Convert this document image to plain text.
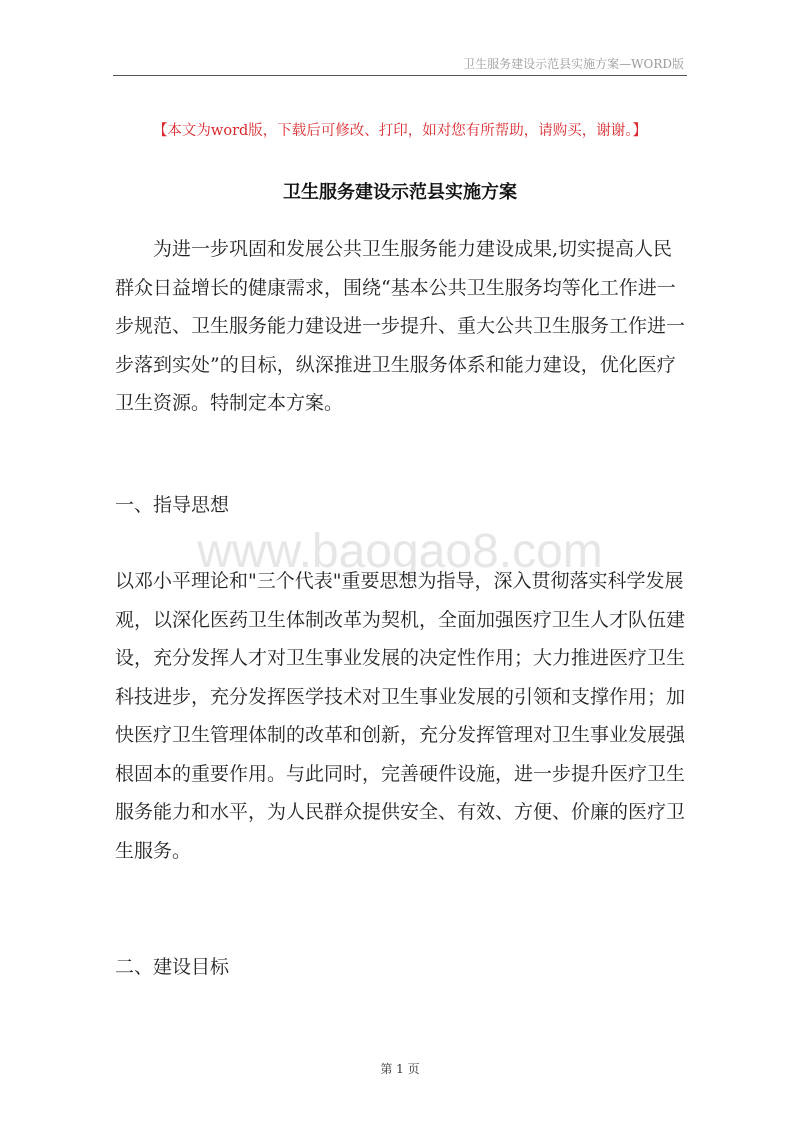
卫生服务建设示范县实施方案—WORD版
【本文为word版，下载后可修改、打印，如对您有所帮助，请购买，谢谢。】
卫生服务建设示范县实施方案
　　为进一步巩固和发展公共卫生服务能力建设成果,切实提高人民
群众日益增长的健康需求，围绕“基本公共卫生服务均等化工作进一
步规范、卫生服务能力建设进一步提升、重大公共卫生服务工作进一
步落到实处”的目标，纵深推进卫生服务体系和能力建设，优化医疗
卫生资源。特制定本方案。
一、指导思想
www.baogao8.com
以邓小平理论和"三个代表"重要思想为指导，深入贯彻落实科学发展
观，以深化医药卫生体制改革为契机，全面加强医疗卫生人才队伍建
设，充分发挥人才对卫生事业发展的决定性作用；大力推进医疗卫生
科技进步，充分发挥医学技术对卫生事业发展的引领和支撑作用；加
快医疗卫生管理体制的改革和创新，充分发挥管理对卫生事业发展强
根固本的重要作用。与此同时，完善硬件设施，进一步提升医疗卫生
服务能力和水平，为人民群众提供安全、有效、方便、价廉的医疗卫
生服务。
二、建设目标
第 1 页
